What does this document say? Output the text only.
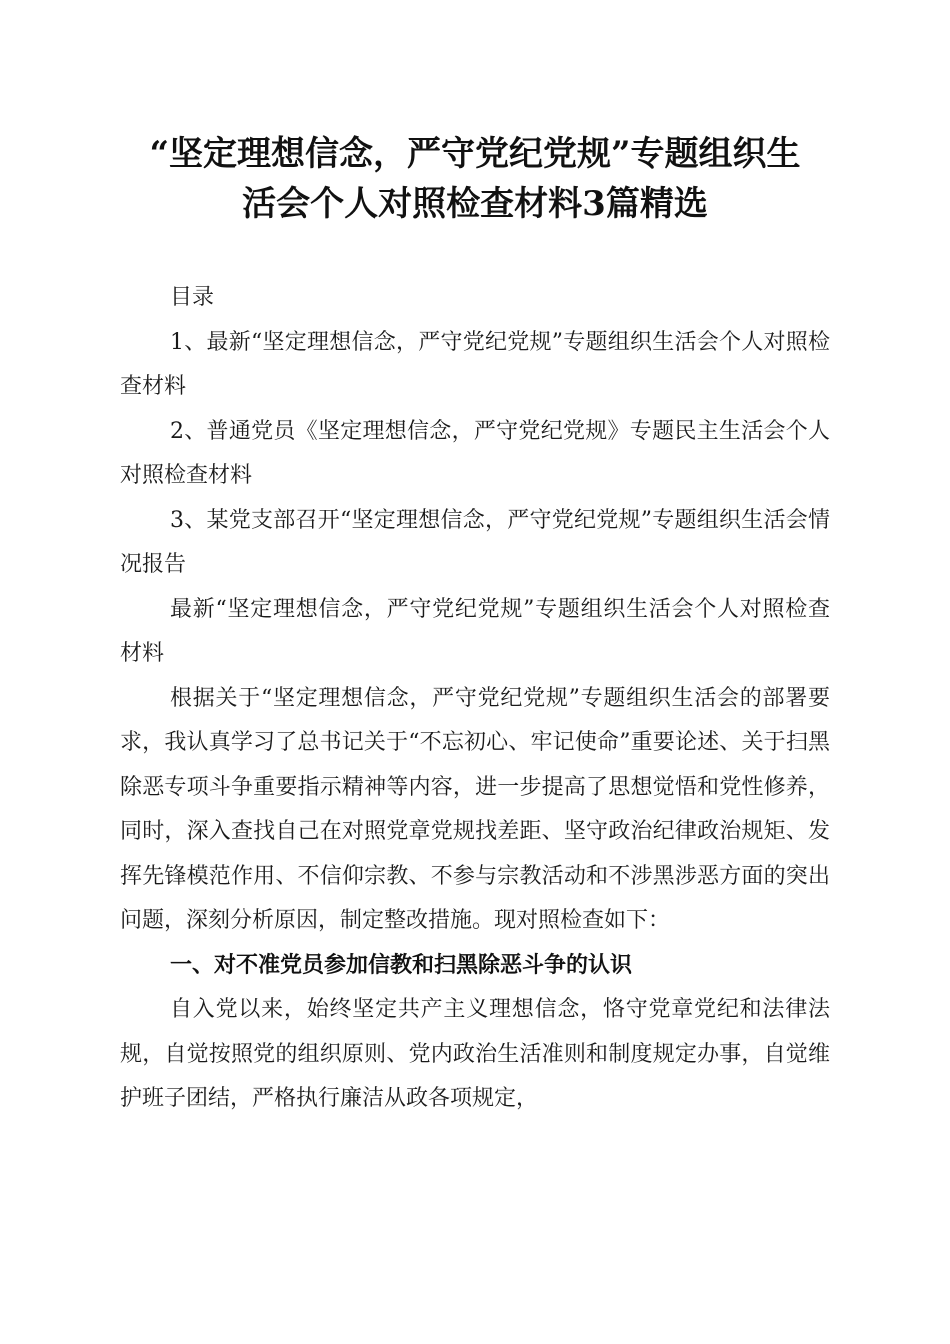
“坚定理想信念，严守党纪党规”专题组织生
活会个人对照检查材料3篇精选

目录

1、最新“坚定理想信念，严守党纪党规”专题组织生活会个人对照检查材料

2、普通党员《坚定理想信念，严守党纪党规》专题民主生活会个人对照检查材料

3、某党支部召开“坚定理想信念，严守党纪党规”专题组织生活会情况报告

最新“坚定理想信念，严守党纪党规”专题组织生活会个人对照检查材料

根据关于“坚定理想信念，严守党纪党规”专题组织生活会的部署要求，我认真学习了总书记关于“不忘初心、牢记使命”重要论述、关于扫黑除恶专项斗争重要指示精神等内容，进一步提高了思想觉悟和党性修养，同时，深入查找自己在对照党章党规找差距、坚守政治纪律政治规矩、发挥先锋模范作用、不信仰宗教、不参与宗教活动和不涉黑涉恶方面的突出问题，深刻分析原因，制定整改措施。现对照检查如下：

一、对不准党员参加信教和扫黑除恶斗争的认识

自入党以来，始终坚定共产主义理想信念，恪守党章党纪和法律法规，自觉按照党的组织原则、党内政治生活准则和制度规定办事，自觉维护班子团结，严格执行廉洁从政各项规定，
